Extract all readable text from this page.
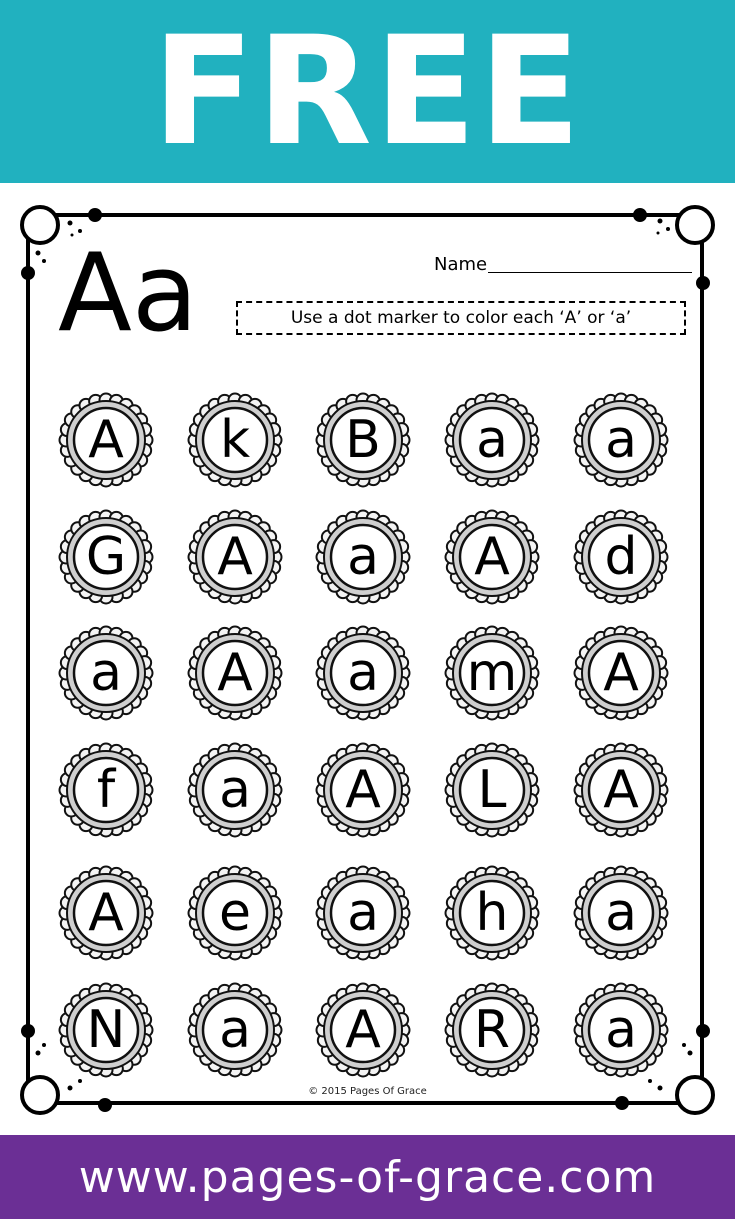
FREE
Aa	Name
Use a dot marker to color each ‘A’ or ‘a’
A	k	B	a	a
G	A	a	A	d
a	A	a	m	A
f	a	A	L	A
A	e	a	h	a
N	a	A	R	a
© 2015 Pages Of Grace
www.pages-of-grace.com
